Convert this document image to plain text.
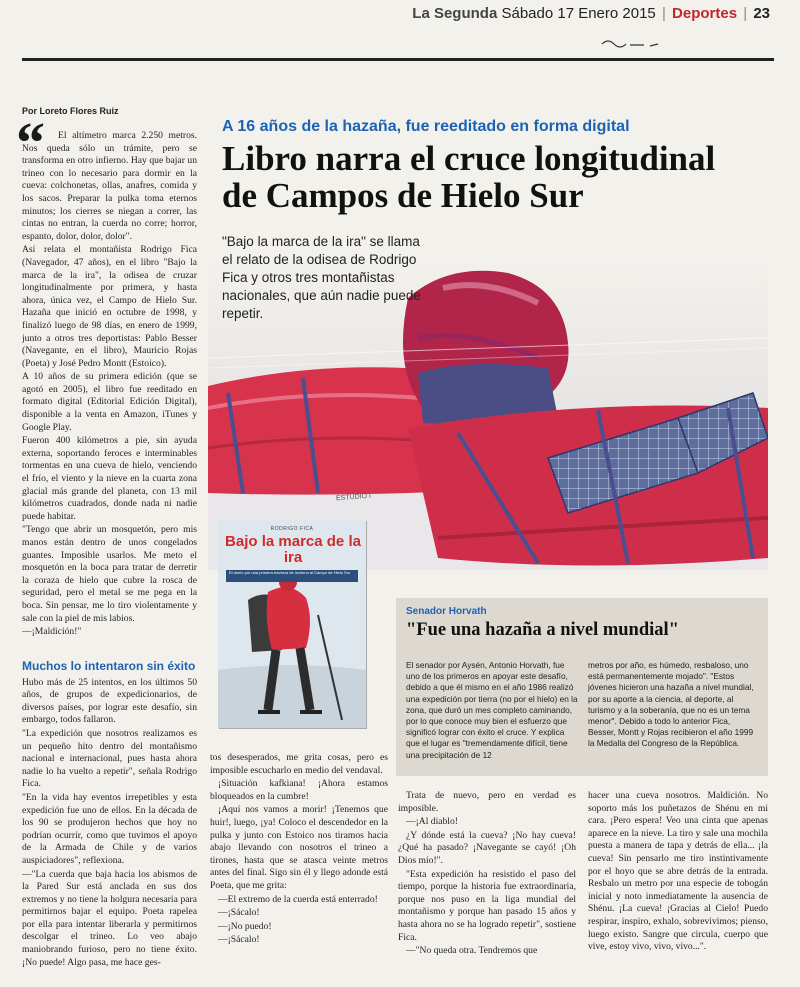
La Segunda Sábado 17 Enero 2015 | Deportes | 23
Por Loreto Flores Ruiz
“	El altímetro marca 2.250 metros. Nos queda sólo un trámite, pero se transforma en otro infierno. Hay que bajar un trineo con lo necesario para dormir en la cueva: colchonetas, ollas, anafres, comida y los sacos. Preparar la pulka toma eternos minutos; los cierres se niegan a correr, las cintas no entran, la cuerda no corre; horror, espanto, dolor, dolor, dolor".

Así relata el montañista Rodrigo Fica (Navegador, 47 años), en el libro "Bajo la marca de la ira", la odisea de cruzar longitudinalmente por primera, y hasta ahora, única vez, el Campo de Hielo Sur. Hazaña que inició en octubre de 1998, y finalizó luego de 98 días, en enero de 1999, junto a otros tres deportistas: Pablo Besser (Navegante, en el libro), Mauricio Rojas (Poeta) y José Pedro Montt (Estoico).

A 10 años de su primera edición (que se agotó en 2005), el libro fue reeditado en formato digital (Editorial Edición Digital), disponible a la venta en Amazon, iTunes y Google Play.

Fueron 400 kilómetros a pie, sin ayuda externa, soportando feroces e interminables tormentas en una cueva de hielo, venciendo el frío, el viento y la nieve en la cuarta zona glacial más grande del planeta, con 13 mil kilómetros cuadrados, donde nada ni nadie puede habitar.

"Tengo que abrir un mosquetón, pero mis manos están dentro de unos congelados guantes. Imposible usarlos. Me meto el mosquetón en la boca para tratar de derretir la coraza de hielo que cubre la rosca de seguridad, pero el metal se me pega en la boca. Sin pensar, me lo tiro violentamente y sale con la piel de mis labios.

—¡Maldición!"

Muchos lo intentaron sin éxito

Hubo más de 25 intentos, en los últimos 50 años, de grupos de expedicionarios, de diversos países, por lograr este desafío, sin embargo, todos fallaron.

"La expedición que nosotros realizamos es un pequeño hito dentro del montañismo nacional e internacional, pues hasta ahora nadie lo ha vuelto a repetir", señala Rodrigo Fica.

"En la vida hay eventos irrepetibles y esta expedición fue uno de ellos. En la década de los 90 se produjeron hechos que hoy no podrían ocurrir, como que tuvimos el apoyo de la Armada de Chile y de varios auspiciadores", reflexiona.

—"La cuerda que baja hacia los abismos de la Pared Sur está anclada en sus dos extremos y no tiene la holgura necesaria para permitirnos bajar el equipo. Poeta rapelea por ella para intentar liberarla y permitirnos descolgar el trineo. Lo veo abajo maniobrando furioso, pero no tiene éxito. ¡No puede! Algo pasa, me hace ges-

A 16 años de la hazaña, fue reeditado en forma digital
Libro narra el cruce longitudinal
de Campos de Hielo Sur
ESTUDIO I
"Bajo la marca de la ira" se llama el relato de la odisea de Rodrigo Fica y otros tres montañistas nacionales, que aún nadie puede repetir.
RODRIGO FICA
Bajo la marca de la ira
El duelo por una primera travesía de invierno al Campo de Hielo Sur

tos desesperados, me grita cosas, pero es imposible escucharlo en medio del vendaval.

¡Situación kafkiana! ¡Ahora estamos bloqueados en la cumbre!

¡Aquí nos vamos a morir! ¡Tenemos que huir!, luego, ¡ya! Coloco el descendedor en la pulka y junto con Estoico nos tiramos hacia abajo llevando con nosotros el trineo a tirones, hasta que se atasca veinte metros antes del final. Sigo sin él y llego adonde está Poeta, que me grita:

—El extremo de la cuerda está enterrado!

—¡Sácalo!

—¡No puedo!

—¡Sácalo!

Senador Horvath
"Fue una hazaña a nivel mundial"
El senador por Aysén, Antonio Horvath, fue uno de los primeros en apoyar este desafío, debido a que él mismo en el año 1986 realizó una expedición por tierra (no por el hielo) en la zona, que duró un mes completo caminando, por lo que conoce muy bien el esfuerzo que significó lograr con éxito el cruce. Y explica que el lugar es "tremendamente difícil, tiene una precipitación de 12
metros por año, es húmedo, resbaloso, uno está permanentemente mojado". "Estos jóvenes hicieron una hazaña a nivel mundial, por su aporte a la ciencia, al deporte, al turismo y a la soberanía, que no es un tema menor". Debido a todo lo anterior Fica, Besser, Montt y Rojas recibieron el año 1999 la Medalla del Congreso de la República.

Trata de nuevo, pero en verdad es imposible.

—¡Al diablo!

¿Y dónde está la cueva? ¡No hay cueva! ¿Qué ha pasado? ¡Navegante se cayó! ¡Oh Dios mío!".

"Esta expedición ha resistido el paso del tiempo, porque la historia fue extraordinaria, porque nos puso en la liga mundial del montañismo y porque han pasado 15 años y hasta ahora no se ha logrado repetir", sostiene Fica.

—"No queda otra. Tendremos que

hacer una cueva nosotros. Maldición. No soporto más los puñetazos de Shénu en mi cara. ¡Pero espera! Veo una cinta que apenas aparece en la nieve. La tiro y sale una mochila puesta a manera de tapa y detrás de ella... ¡la cueva! Sin pensarlo me tiro instintivamente por el hoyo que se abre detrás de la entrada. Resbalo un metro por una especie de tobogán inicial y noto inmediatamente la ausencia de Shénu. ¡La cueva! ¡Gracias al Cielo! Puedo respirar, inspiro, exhalo, sobrevivimos; pienso, luego existo. Sangre que circula, cuerpo que vive, estoy vivo, vivo, vivo...".
